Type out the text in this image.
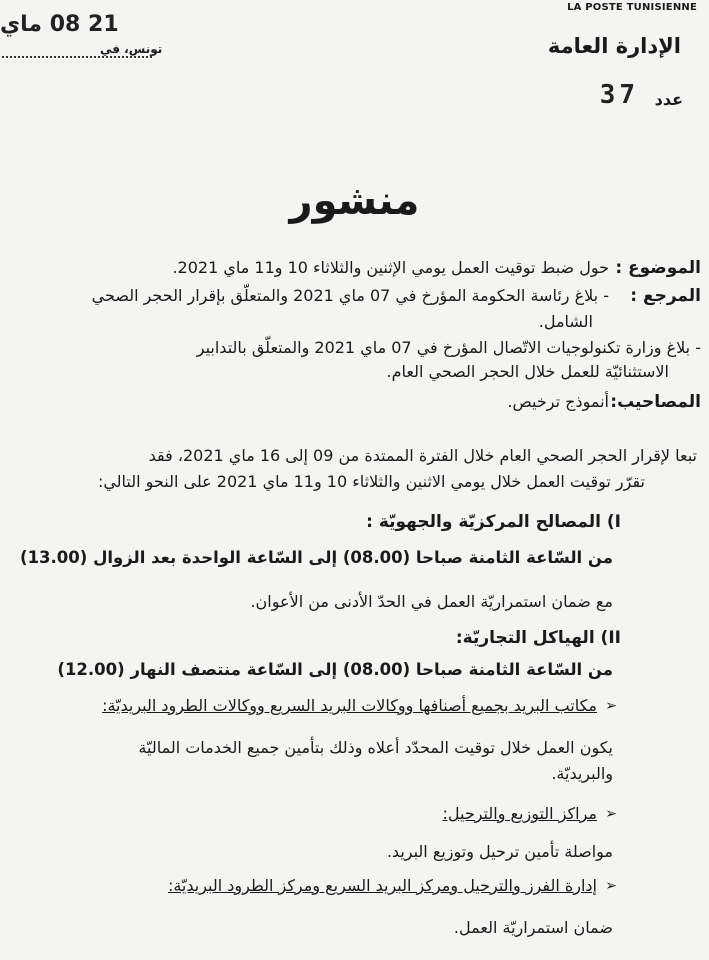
LA POSTE TUNISIENNE
الإدارة العامة
عدد
37
21 08 ماي
تونس، في
منشور
الموضوع :
حول ضبط توقيت العمل يومي الإثنين والثلاثاء 10 و11 ماي 2021.
المرجع :
- بلاغ رئاسة الحكومة المؤرخ في 07 ماي 2021 والمتعلّق بإقرار الحجر الصحي
الشامل.
- بلاغ وزارة تكنولوجيات الاتّصال المؤرخ في 07 ماي 2021 والمتعلّق بالتدابير
الاستثنائيّة للعمل خلال الحجر الصحي العام.
المصاحيب:
أنموذج ترخيص.
تبعا لإقرار الحجر الصحي العام خلال الفترة الممتدة من 09 إلى 16 ماي 2021، فقد
تقرّر توقيت العمل خلال يومي الاثنين والثلاثاء 10 و11 ماي 2021 على النحو التالي:
I) المصالح المركزيّة والجهويّة :
من السّاعة الثامنة صباحا (08.00) إلى السّاعة الواحدة بعد الزوال (13.00)
مع ضمان استمراريّة العمل في الحدّ الأدنى من الأعوان.
II) الهياكل التجاريّة:
من السّاعة الثامنة صباحا (08.00) إلى السّاعة منتصف النهار (12.00)
➢
مكاتب البريد بجميع أصنافها ووكالات البريد السريع ووكالات الطرود البريديّة:
يكون العمل خلال توقيت المحدّد أعلاه وذلك بتأمين جميع الخدمات الماليّة
والبريديّة.
➢
مراكز التوزيع والترحيل:
مواصلة تأمين ترحيل وتوزيع البريد.
➢
إدارة الفرز والترحيل ومركز البريد السريع ومركز الطرود البريديّة:
ضمان استمراريّة العمل.
